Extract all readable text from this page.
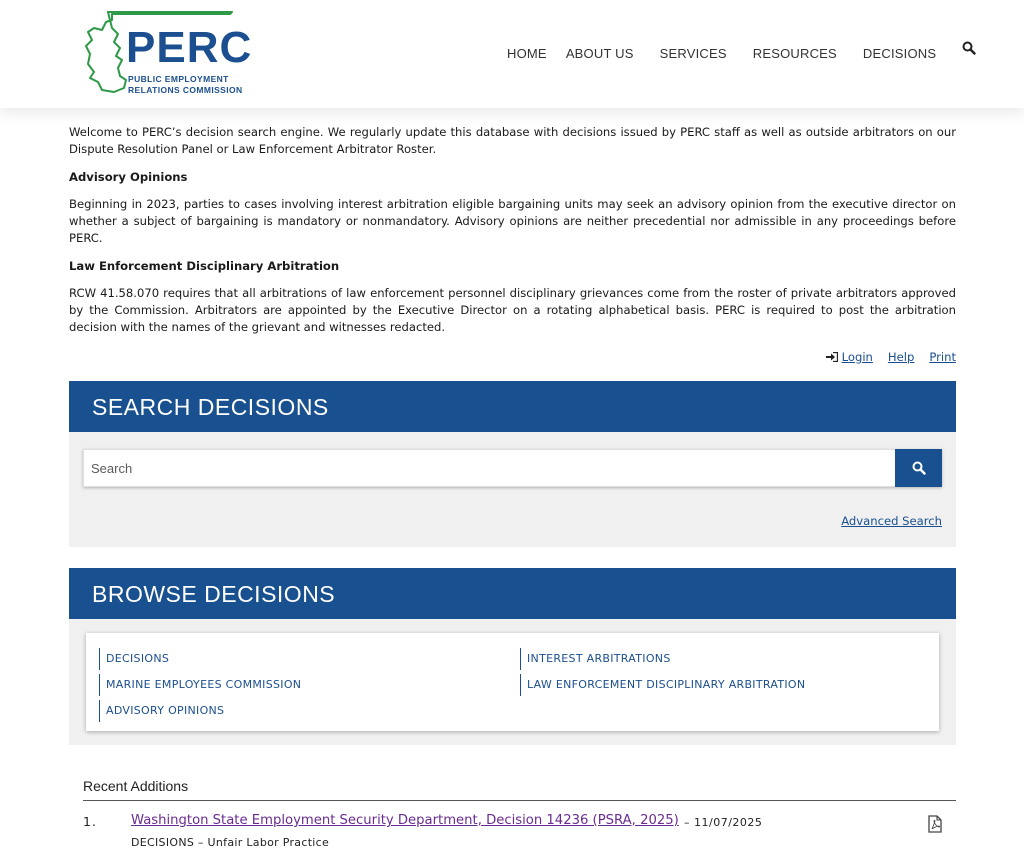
PERC
PUBLIC EMPLOYMENT
RELATIONS COMMISSION
HOME ABOUT US SERVICES RESOURCES DECISIONS

Welcome to PERC’s decision search engine. We regularly update this database with decisions issued by PERC staff as well as outside arbitrators on our Dispute Resolution Panel or Law Enforcement Arbitrator Roster.

Advisory Opinions

Beginning in 2023, parties to cases involving interest arbitration eligible bargaining units may seek an advisory opinion from the executive director on whether a subject of bargaining is mandatory or nonmandatory. Advisory opinions are neither precedential nor admissible in any proceedings before PERC.

Law Enforcement Disciplinary Arbitration

RCW 41.58.070 requires that all arbitrations of law enforcement personnel disciplinary grievances come from the roster of private arbitrators approved by the Commission. Arbitrators are appointed by the Executive Director on a rotating alphabetical basis. PERC is required to post the arbitration decision with the names of the grievant and witnesses redacted.

Login Help Print
SEARCH DECISIONS
Search
Advanced Search
BROWSE DECISIONS
DECISIONS
MARINE EMPLOYEES COMMISSION
ADVISORY OPINIONS
INTEREST ARBITRATIONS
LAW ENFORCEMENT DISCIPLINARY ARBITRATION
Recent Additions
1.	Washington State Employment Security Department, Decision 14236 (PSRA, 2025) – 11/07/2025
DECISIONS – Unfair Labor Practice
